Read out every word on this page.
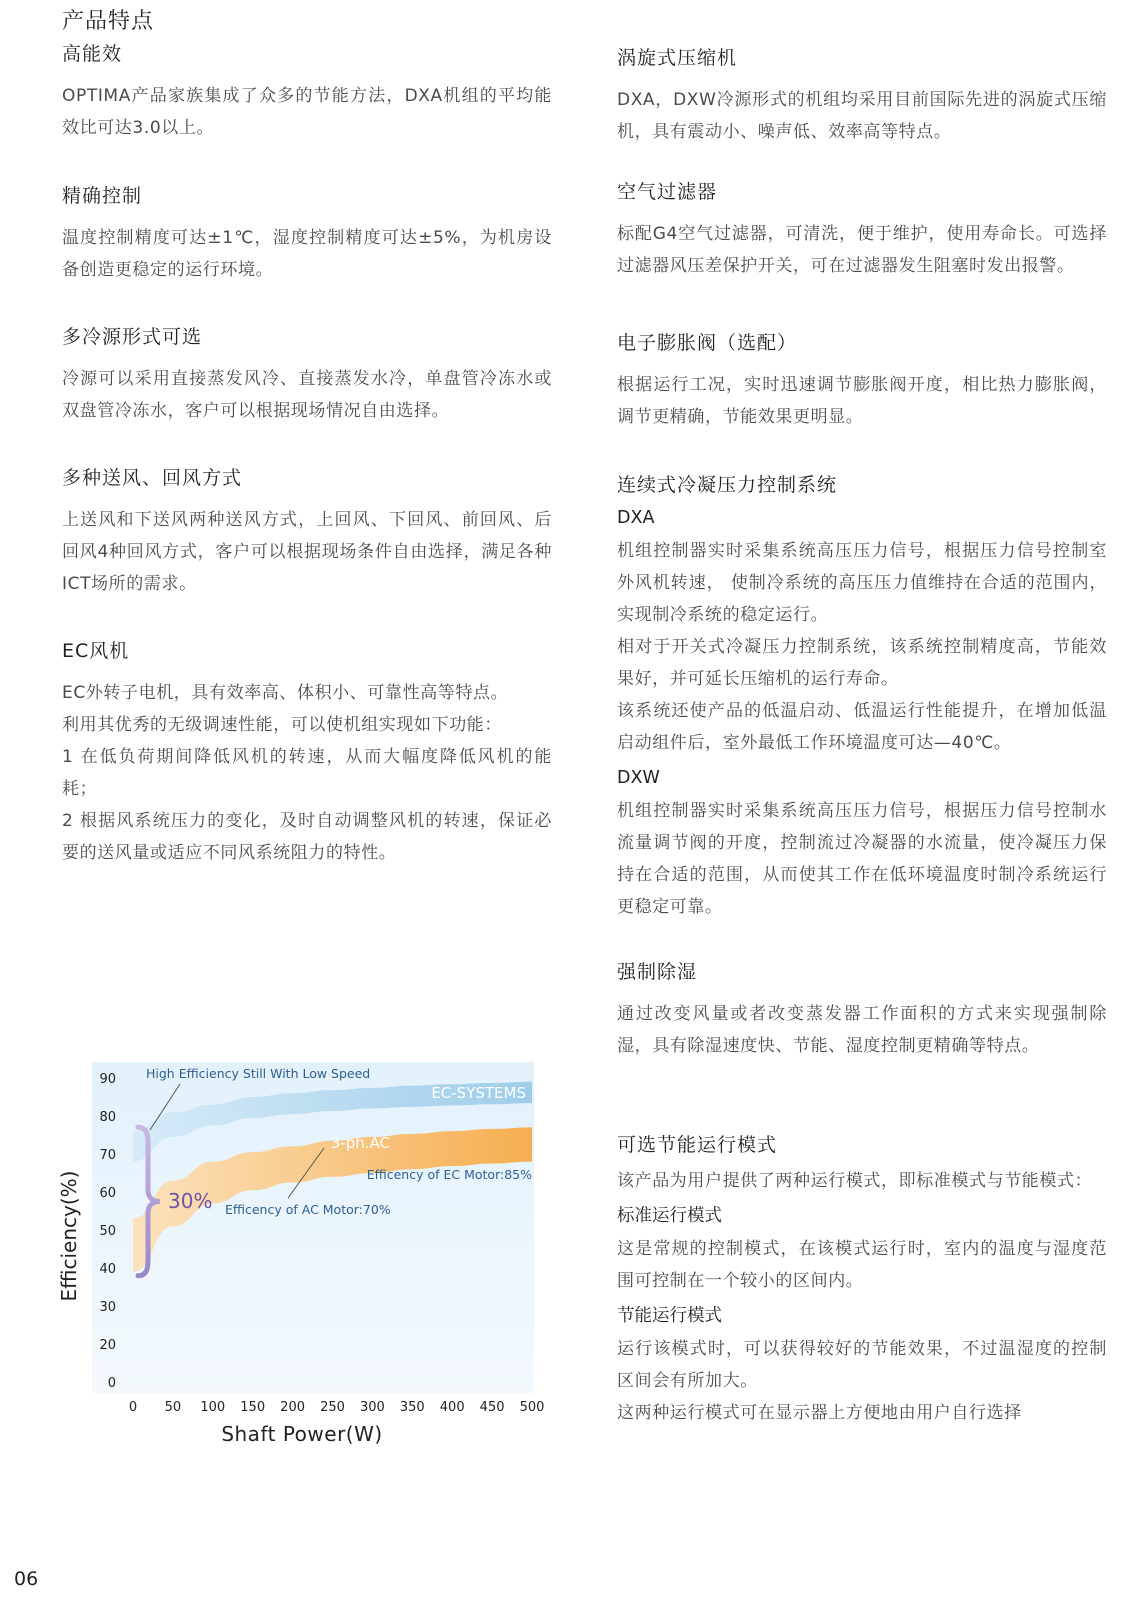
产品特点
高能效

OPTIMA产品家族集成了众多的节能方法，DXA机组的平均能效比可达3.0以上。

精确控制

温度控制精度可达±1℃，湿度控制精度可达±5%，为机房设备创造更稳定的运行环境。

多冷源形式可选

冷源可以采用直接蒸发风冷、直接蒸发水冷，单盘管冷冻水或双盘管冷冻水，客户可以根据现场情况自由选择。

多种送风、回风方式

上送风和下送风两种送风方式，上回风、下回风、前回风、后回风4种回风方式，客户可以根据现场条件自由选择，满足各种ICT场所的需求。

EC风机

EC外转子电机，具有效率高、体积小、可靠性高等特点。

利用其优秀的无级调速性能，可以使机组实现如下功能：

1 在低负荷期间降低风机的转速，从而大幅度降低风机的能耗；

2 根据风系统压力的变化，及时自动调整风机的转速，保证必要的送风量或适应不同风系统阻力的特性。

涡旋式压缩机

DXA，DXW冷源形式的机组均采用目前国际先进的涡旋式压缩机，具有震动小、噪声低、效率高等特点。

空气过滤器

标配G4空气过滤器，可清洗，便于维护，使用寿命长。可选择过滤器风压差保护开关，可在过滤器发生阻塞时发出报警。

电子膨胀阀（选配）

根据运行工况，实时迅速调节膨胀阀开度，相比热力膨胀阀，调节更精确，节能效果更明显。

连续式冷凝压力控制系统
DXA

机组控制器实时采集系统高压压力信号，根据压力信号控制室外风机转速， 使制冷系统的高压压力值维持在合适的范围内，实现制冷系统的稳定运行。

相对于开关式冷凝压力控制系统，该系统控制精度高，节能效果好，并可延长压缩机的运行寿命。

该系统还使产品的低温启动、低温运行性能提升，在增加低温启动组件后，室外最低工作环境温度可达—40℃。

DXW

机组控制器实时采集系统高压压力信号，根据压力信号控制水流量调节阀的开度，控制流过冷凝器的水流量，使冷凝压力保持在合适的范围，从而使其工作在低环境温度时制冷系统运行更稳定可靠。

强制除湿

通过改变风量或者改变蒸发器工作面积的方式来实现强制除湿，具有除湿速度快、节能、湿度控制更精确等特点。

可选节能运行模式

该产品为用户提供了两种运行模式，即标准模式与节能模式：

标准运行模式

这是常规的控制模式，在该模式运行时，室内的温度与湿度范围可控制在一个较小的区间内。

节能运行模式

运行该模式时，可以获得较好的节能效果，不过温湿度的控制区间会有所加大。

这两种运行模式可在显示器上方便地由用户自行选择

0
20
30
40
50
60
70
80
90
0 50 100 150 200 250 300 350 400 450 500
Shaft Power(W)
Efficiency(%)
EC-SYSTEMS
3-ph.AC
High Efficiency Still With Low Speed
Efficency of EC Motor:85%
Efficency of AC Motor:70%
30%
06
